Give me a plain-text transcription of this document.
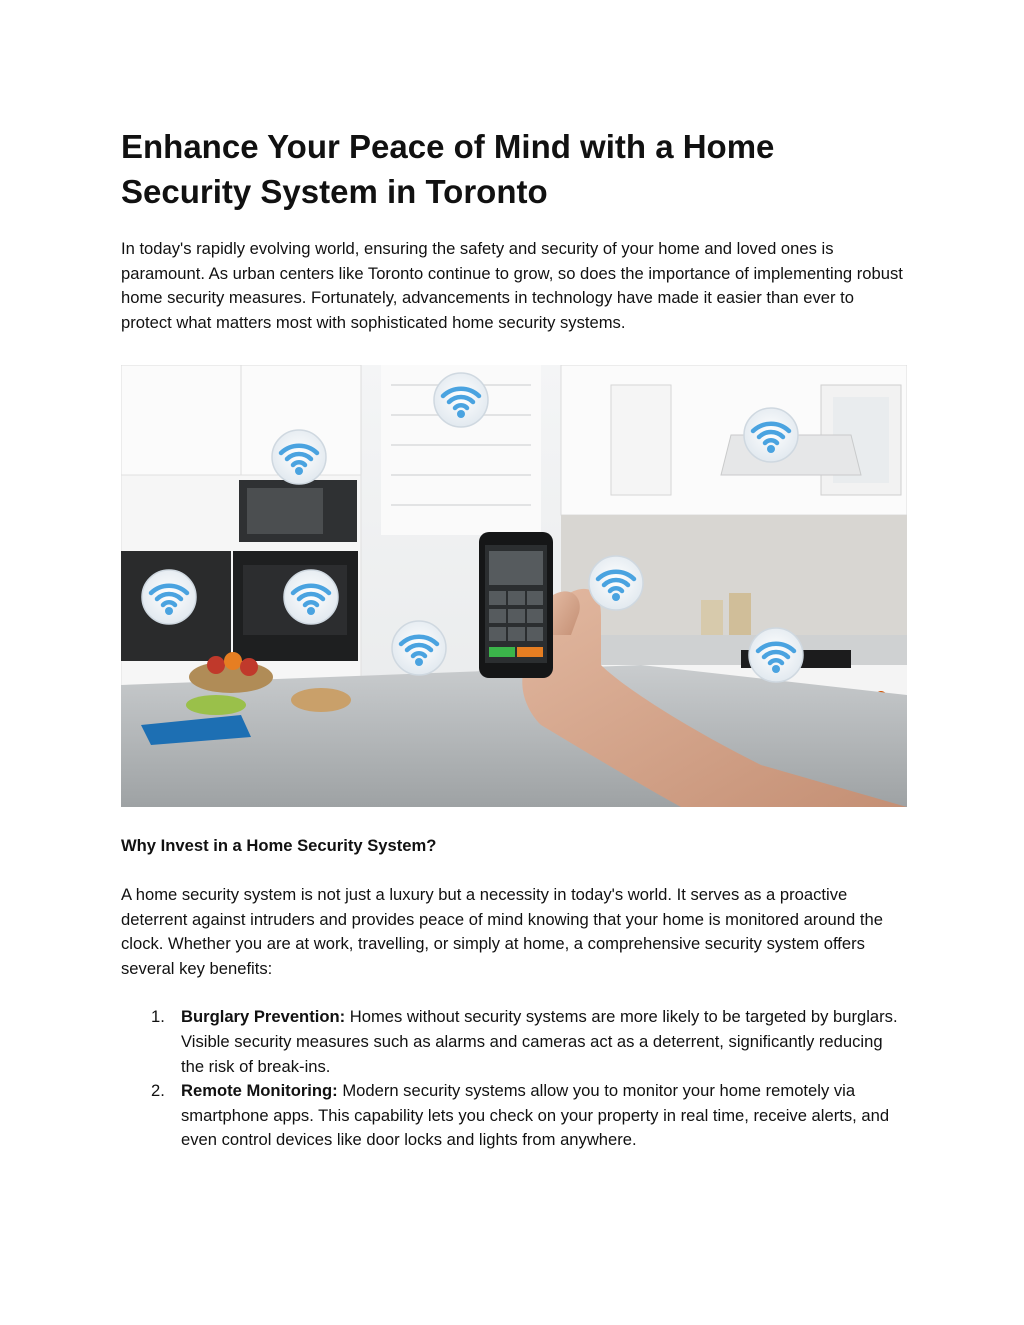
Enhance Your Peace of Mind with a Home Security System in Toronto

In today's rapidly evolving world, ensuring the safety and security of your home and loved ones is paramount. As urban centers like Toronto continue to grow, so does the importance of implementing robust home security measures. Fortunately, advancements in technology have made it easier than ever to protect what matters most with sophisticated home security systems.

Why Invest in a Home Security System?

A home security system is not just a luxury but a necessity in today's world. It serves as a proactive deterrent against intruders and provides peace of mind knowing that your home is monitored around the clock. Whether you are at work, travelling, or simply at home, a comprehensive security system offers several key benefits:

1. Burglary Prevention: Homes without security systems are more likely to be targeted by burglars. Visible security measures such as alarms and cameras act as a deterrent, significantly reducing the risk of break-ins.
2. Remote Monitoring: Modern security systems allow you to monitor your home remotely via smartphone apps. This capability lets you check on your property in real time, receive alerts, and even control devices like door locks and lights from anywhere.
